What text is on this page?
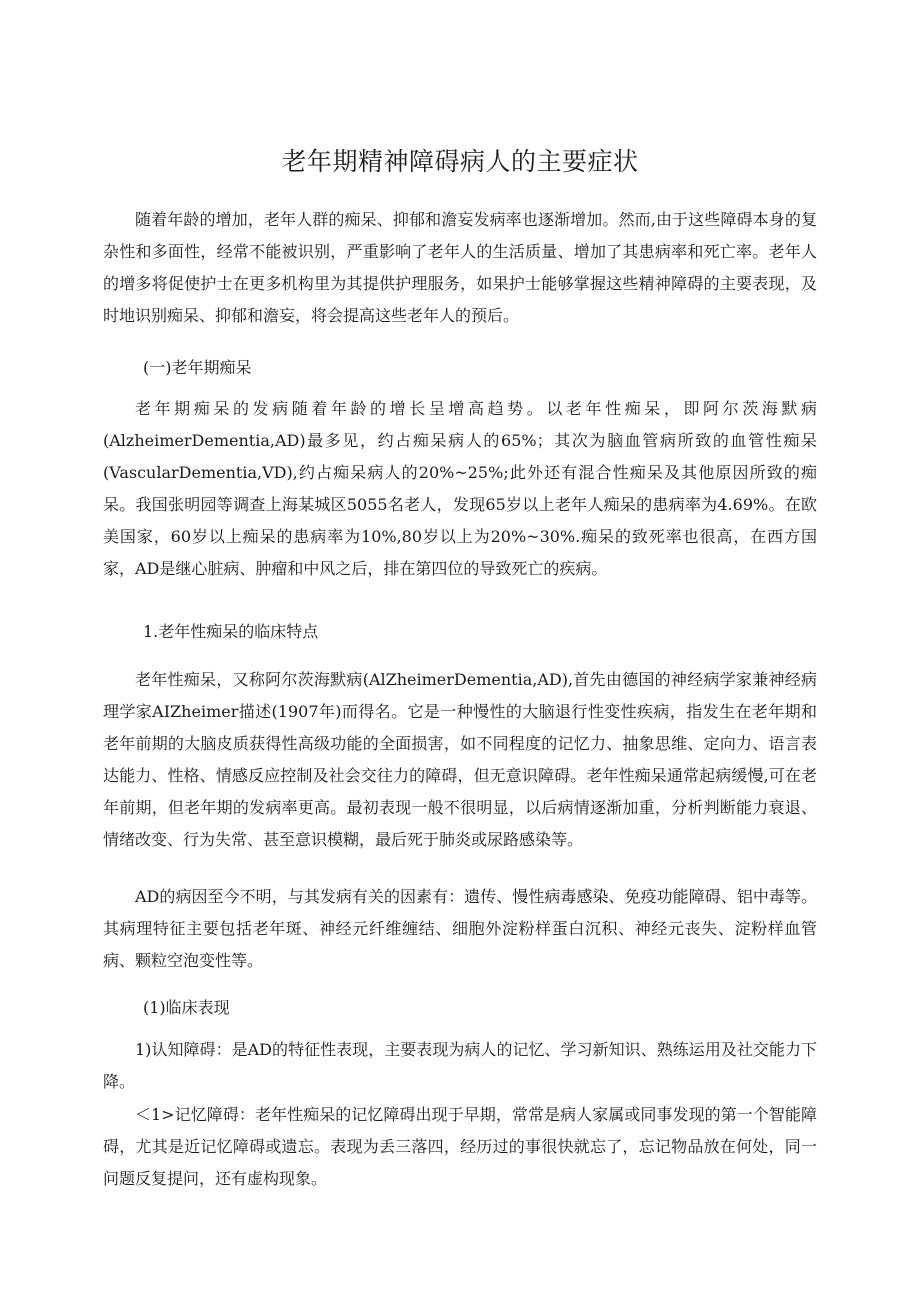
老年期精神障碍病人的主要症状

随着年龄的增加，老年人群的痴呆、抑郁和澹妄发病率也逐渐增加。然而,由于这些障碍本身的复杂性和多面性，经常不能被识别，严重影响了老年人的生活质量、增加了其患病率和死亡率。老年人的增多将促使护士在更多机构里为其提供护理服务，如果护士能够掌握这些精神障碍的主要表现，及时地识别痴呆、抑郁和澹妄，将会提高这些老年人的预后。

(一)老年期痴呆

老年期痴呆的发病随着年龄的增长呈增高趋势。以老年性痴呆，即阿尔茨海默病(AlzheimerDementia,AD)最多见，约占痴呆病人的65%；其次为脑血管病所致的血管性痴呆(VascularDementia,VD),约占痴呆病人的20%~25%;此外还有混合性痴呆及其他原因所致的痴呆。我国张明园等调查上海某城区5055名老人，发现65岁以上老年人痴呆的患病率为4.69%。在欧美国家，60岁以上痴呆的患病率为10%,80岁以上为20%~30%.痴呆的致死率也很高，在西方国家，AD是继心脏病、肿瘤和中风之后，排在第四位的导致死亡的疾病。

1.老年性痴呆的临床特点

老年性痴呆，又称阿尔茨海默病(AlZheimerDementia,AD),首先由德国的神经病学家兼神经病理学家AIZheimer描述(1907年)而得名。它是一种慢性的大脑退行性变性疾病，指发生在老年期和老年前期的大脑皮质获得性高级功能的全面损害，如不同程度的记忆力、抽象思维、定向力、语言表达能力、性格、情感反应控制及社会交往力的障碍，但无意识障碍。老年性痴呆通常起病缓慢,可在老年前期，但老年期的发病率更高。最初表现一般不很明显，以后病情逐渐加重，分析判断能力衰退、情绪改变、行为失常、甚至意识模糊，最后死于肺炎或尿路感染等。

AD的病因至今不明，与其发病有关的因素有：遗传、慢性病毒感染、免疫功能障碍、铝中毒等。其病理特征主要包括老年斑、神经元纤维缠结、细胞外淀粉样蛋白沉积、神经元丧失、淀粉样血管病、颗粒空泡变性等。

(1)临床表现

1)认知障碍：是AD的特征性表现，主要表现为病人的记忆、学习新知识、熟练运用及社交能力下降。

＜1>记忆障碍：老年性痴呆的记忆障碍出现于早期，常常是病人家属或同事发现的第一个智能障碍，尤其是近记忆障碍或遗忘。表现为丢三落四，经历过的事很快就忘了，忘记物品放在何处，同一问题反复提问，还有虚构现象。
